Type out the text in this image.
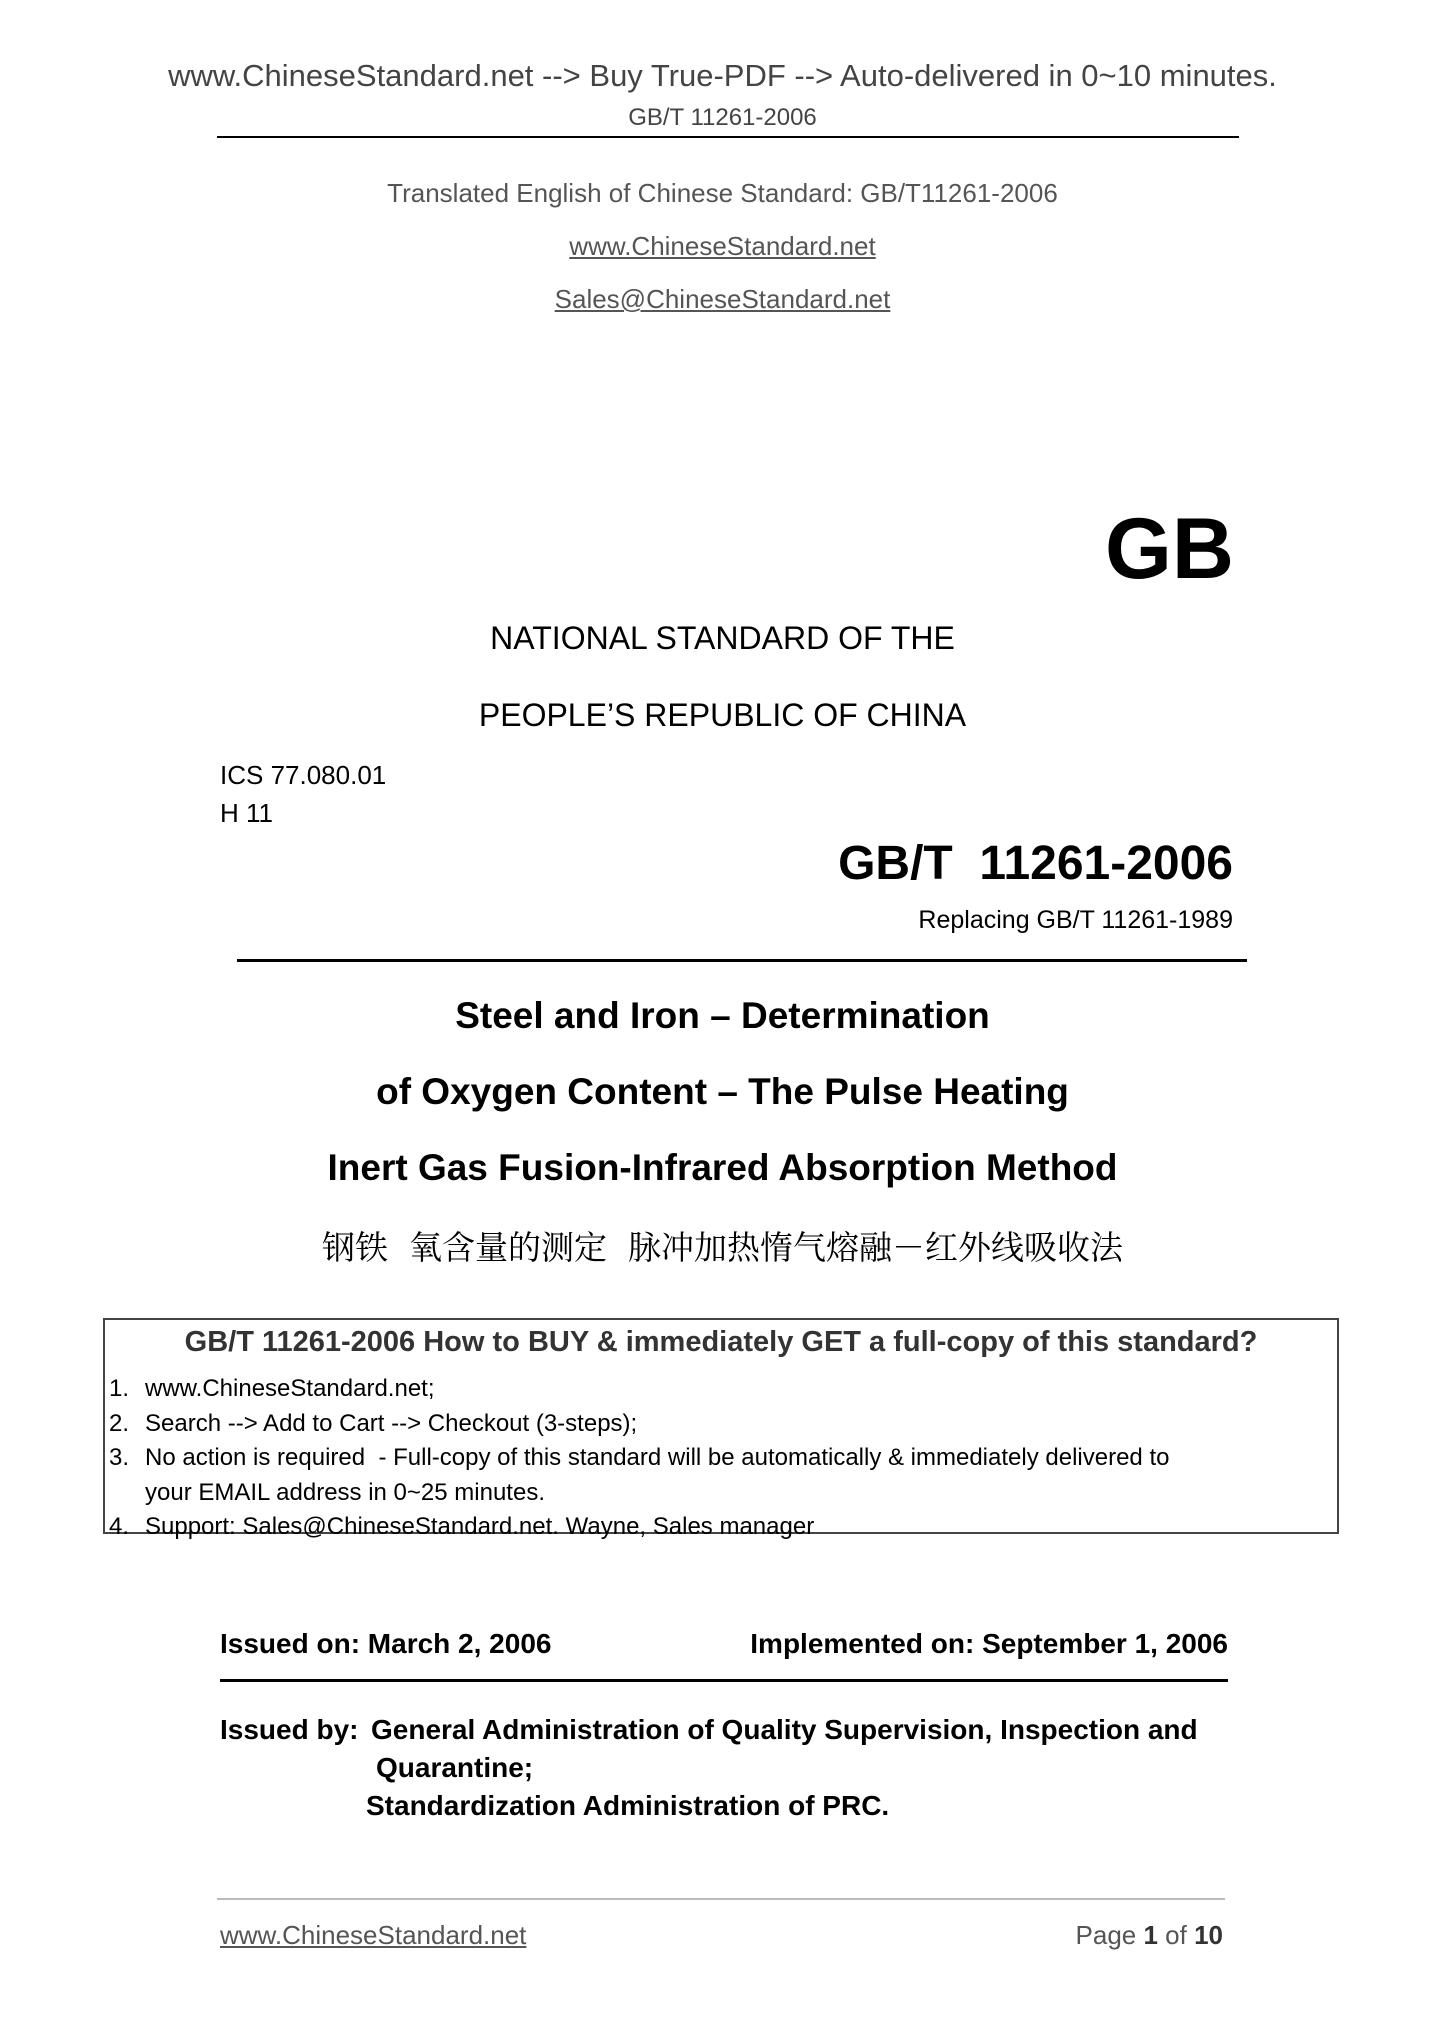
www.ChineseStandard.net --> Buy True-PDF --> Auto-delivered in 0~10 minutes.
GB/T 11261-2006
Translated English of Chinese Standard: GB/T11261-2006
www.ChineseStandard.net
Sales@ChineseStandard.net
GB
NATIONAL STANDARD OF THE
PEOPLE’S REPUBLIC OF CHINA
ICS 77.080.01
H 11
GB/T  11261-2006
Replacing GB/T 11261-1989
Steel and Iron – Determination
of Oxygen Content – The Pulse Heating
Inert Gas Fusion-Infrared Absorption Method
钢铁  氧含量的测定  脉冲加热惰气熔融－红外线吸收法
GB/T 11261-2006 How to BUY & immediately GET a full-copy of this standard?
1. www.ChineseStandard.net;
2. Search --> Add to Cart --> Checkout (3-steps);
3. No action is required  - Full-copy of this standard will be automatically & immediately delivered to
your EMAIL address in 0~25 minutes.
4. Support: Sales@ChineseStandard.net. Wayne, Sales manager
Issued on: March 2, 2006	Implemented on: September 1, 2006
Issued by: General Administration of Quality Supervision, Inspection and
Quarantine;
Standardization Administration of PRC.
www.ChineseStandard.net	Page 1 of 10
